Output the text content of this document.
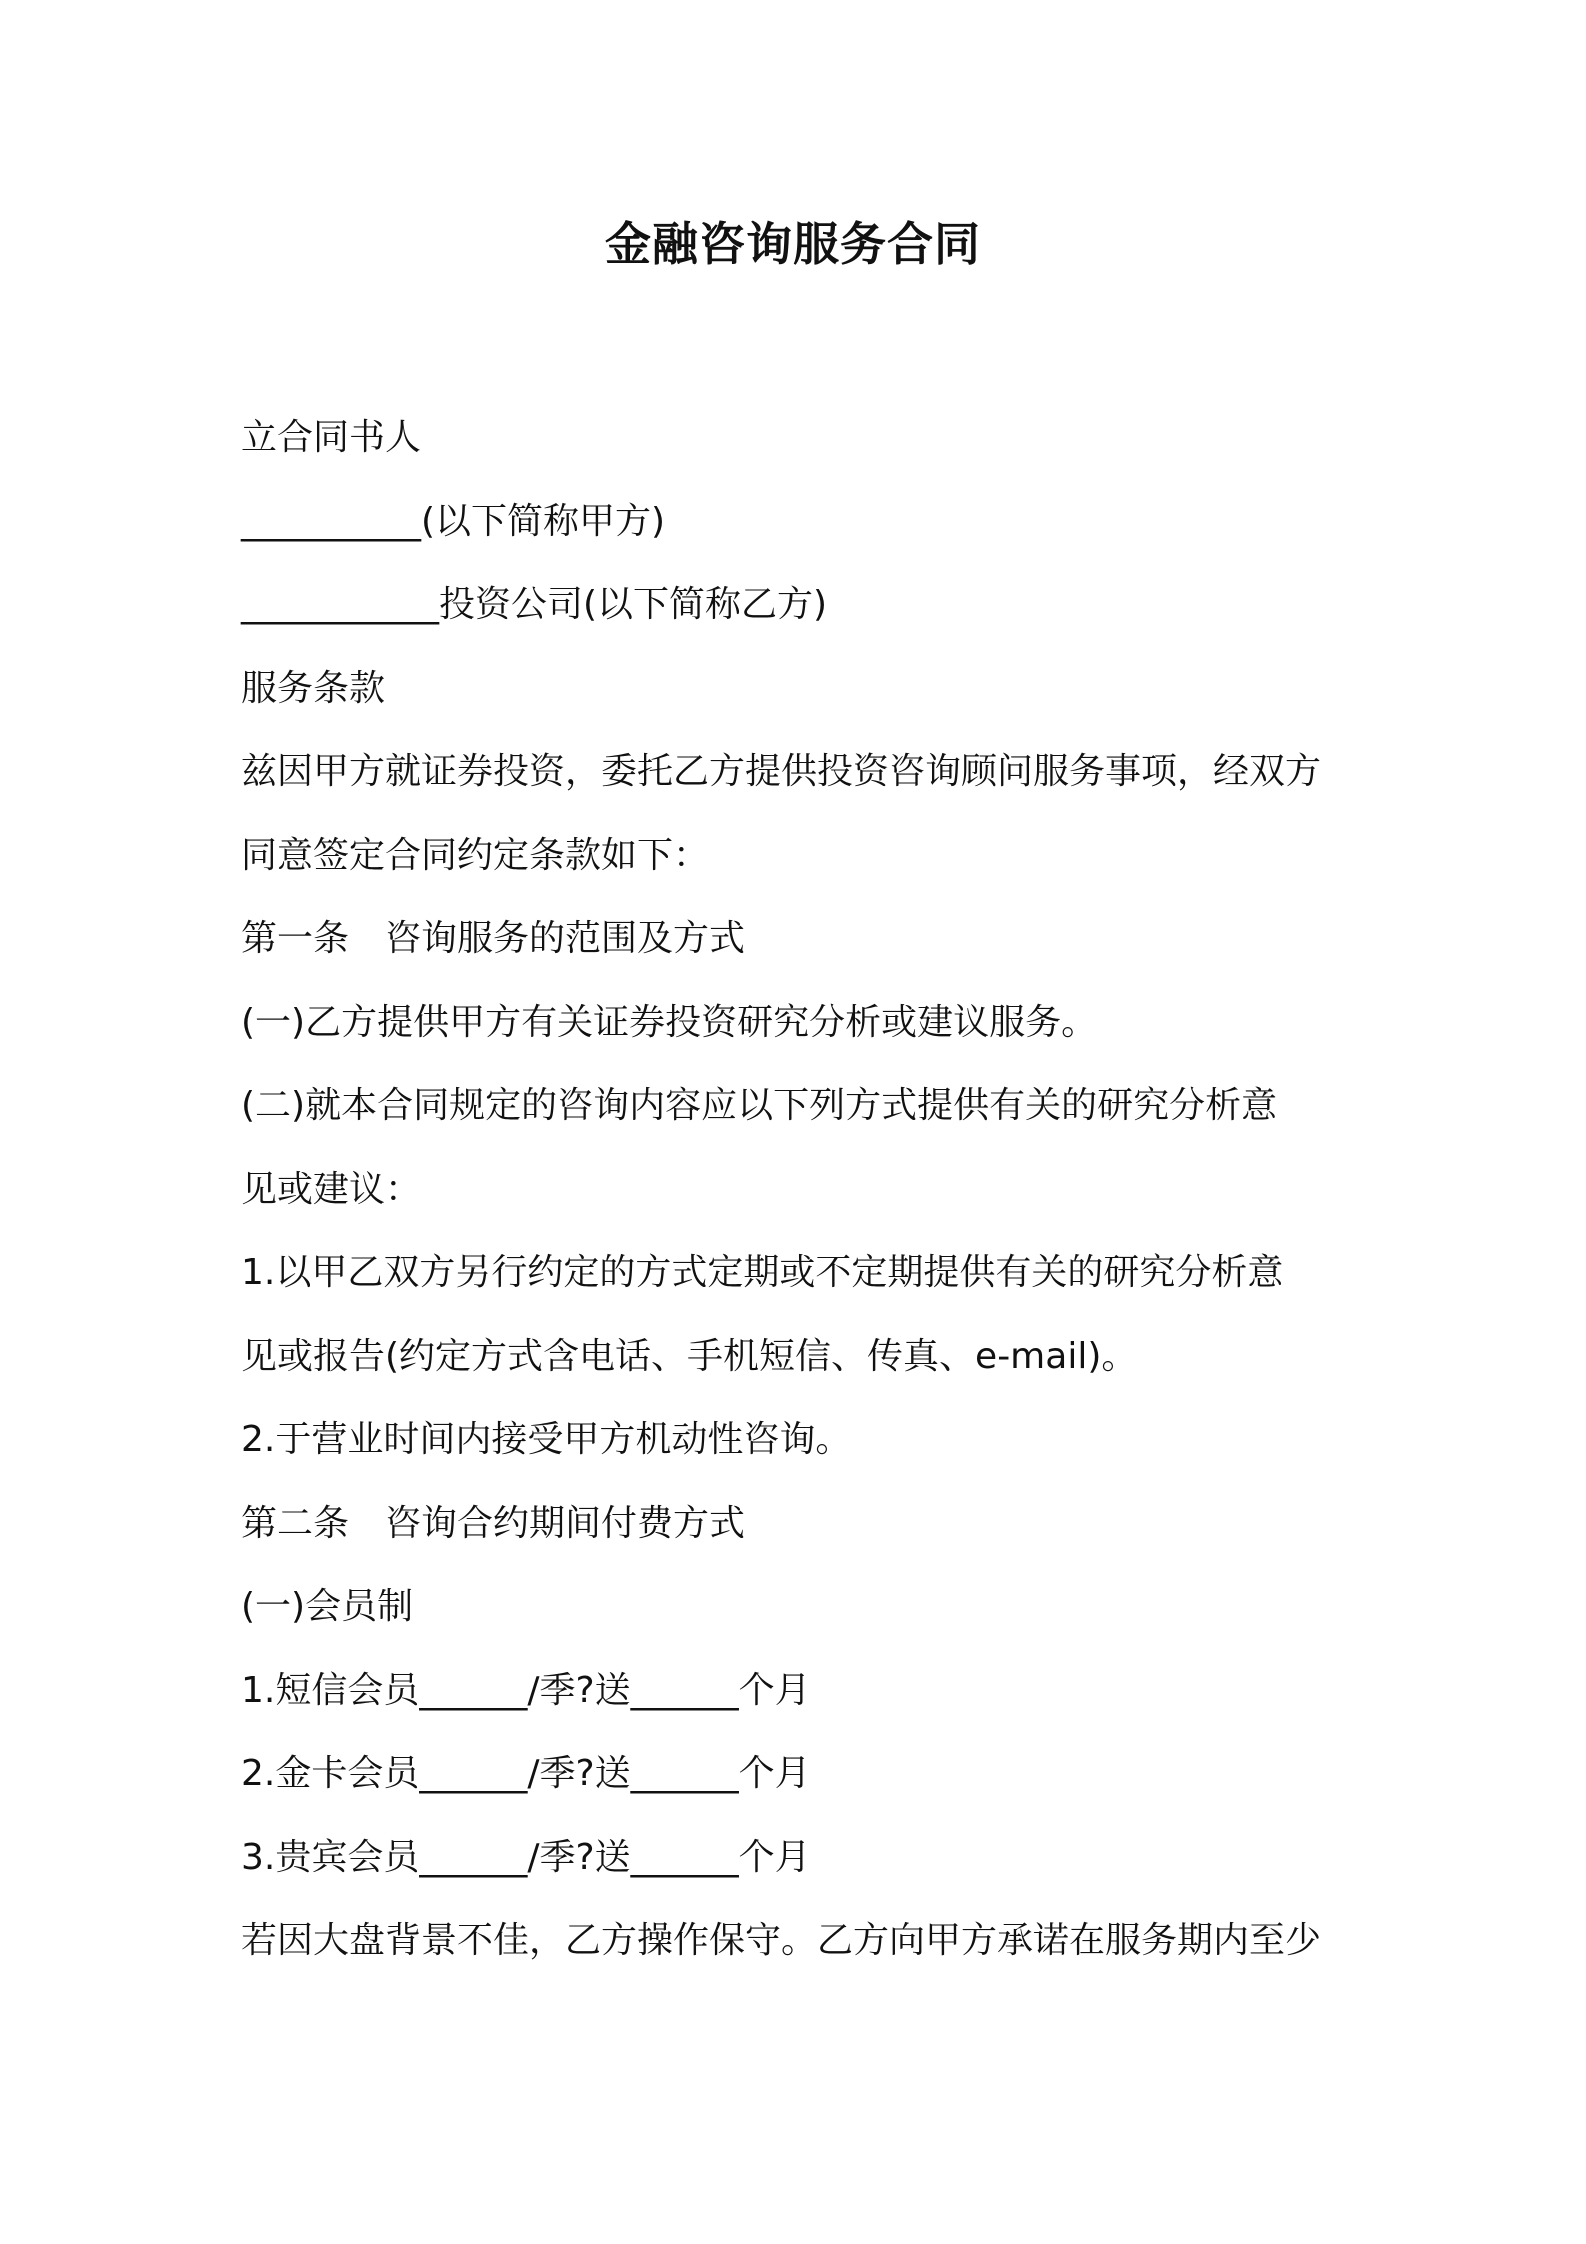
金融咨询服务合同
立合同书人
__________(以下简称甲方)
___________投资公司(以下简称乙方)
服务条款
兹因甲方就证券投资，委托乙方提供投资咨询顾问服务事项，经双方
同意签定合同约定条款如下：
第一条　咨询服务的范围及方式
(一)乙方提供甲方有关证券投资研究分析或建议服务。
(二)就本合同规定的咨询内容应以下列方式提供有关的研究分析意
见或建议：
1.以甲乙双方另行约定的方式定期或不定期提供有关的研究分析意
见或报告(约定方式含电话、手机短信、传真、e-mail)。
2.于营业时间内接受甲方机动性咨询。
第二条　咨询合约期间付费方式
(一)会员制
1.短信会员______/季?送______个月
2.金卡会员______/季?送______个月
3.贵宾会员______/季?送______个月
若因大盘背景不佳，乙方操作保守。乙方向甲方承诺在服务期内至少
